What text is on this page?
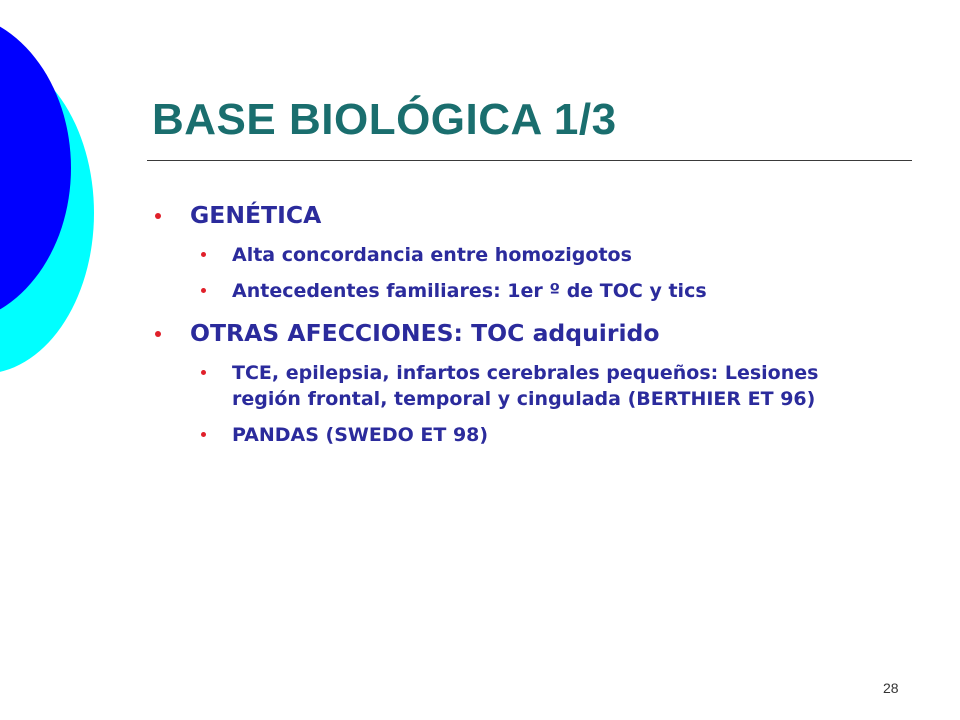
BASE BIOLÓGICA 1/3
GENÉTICA
Alta concordancia entre homozigotos
Antecedentes familiares: 1er º de TOC y tics
OTRAS AFECCIONES: TOC adquirido
TCE, epilepsia, infartos cerebrales pequeños: Lesiones región frontal, temporal y cingulada (BERTHIER ET 96)
PANDAS (SWEDO ET 98)
28
